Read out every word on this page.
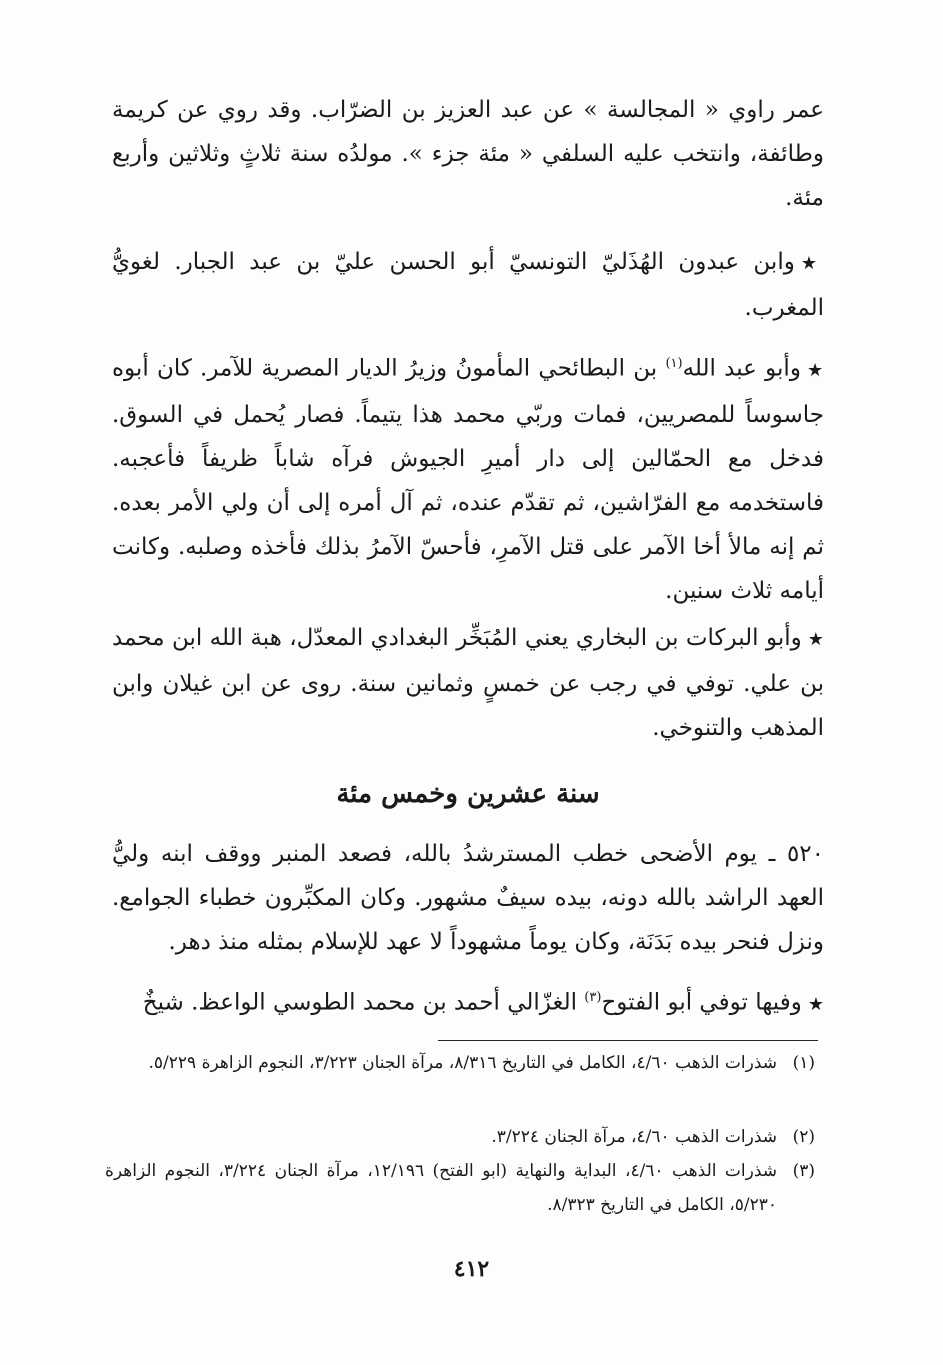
عمر راوي « المجالسة » عن عبد العزيز بن الضرّاب. وقد روي عن كريمة وطائفة، وانتخب عليه السلفي « مئة جزء ». مولدُه سنة ثلاثٍ وثلاثين وأربع مئة.

★وابن عبدون الهُذَليّ التونسيّ أبو الحسن عليّ بن عبد الجبار. لغويُّ المغرب.

★وأبو عبد الله$^{(١)}$ بن البطائحي المأمونُ وزيرُ الديار المصرية للآمر. كان أبوه جاسوساً للمصريين، فمات وربّي محمد هذا يتيماً. فصار يُحمل في السوق. فدخل مع الحمّالين إلى دار أميرِ الجيوش فرآه شاباً ظريفاً فأعجبه. فاستخدمه مع الفرّاشين، ثم تقدّم عنده، ثم آل أمره إلى أن ولي الأمر بعده. ثم إنه مالأ أخا الآمر على قتل الآمرِ، فأحسّ الآمرُ بذلك فأخذه وصلبه. وكانت أيامه ثلاث سنين.

★وأبو البركات بن البخاري يعني المُبَخِّر البغدادي المعدّل، هبة الله ابن محمد بن علي. توفي في رجب عن خمسٍ وثمانين سنة. روى عن ابن غيلان وابن المذهب والتنوخي.

سنة عشرين وخمس مئة

٥٢٠ ـ يوم الأضحى خطب المسترشدُ بالله، فصعد المنبر ووقف ابنه وليُّ العهد الراشد بالله دونه، بيده سيفٌ مشهور. وكان المكبِّرون خطباء الجوامع. ونزل فنحر بيده بَدَنَة، وكان يوماً مشهوداً لا عهد للإسلام بمثله منذ دهر.

★وفيها توفي أبو الفتوح$^{(٣)}$ الغزّالي أحمد بن محمد الطوسي الواعظ. شيخٌ

(١)
شذرات الذهب ٤/٦٠، الكامل في التاريخ ٨/٣١٦، مرآة الجنان ٣/٢٢٣، النجوم الزاهرة ٥/٢٢٩.
(٢)
شذرات الذهب ٤/٦٠، مرآة الجنان ٣/٢٢٤.
(٣)
شذرات الذهب ٤/٦٠، البداية والنهاية (ابو الفتح) ١٢/١٩٦، مرآة الجنان ٣/٢٢٤، النجوم الزاهرة ٥/٢٣٠، الكامل في التاريخ ٨/٣٢٣.
٤١٢
